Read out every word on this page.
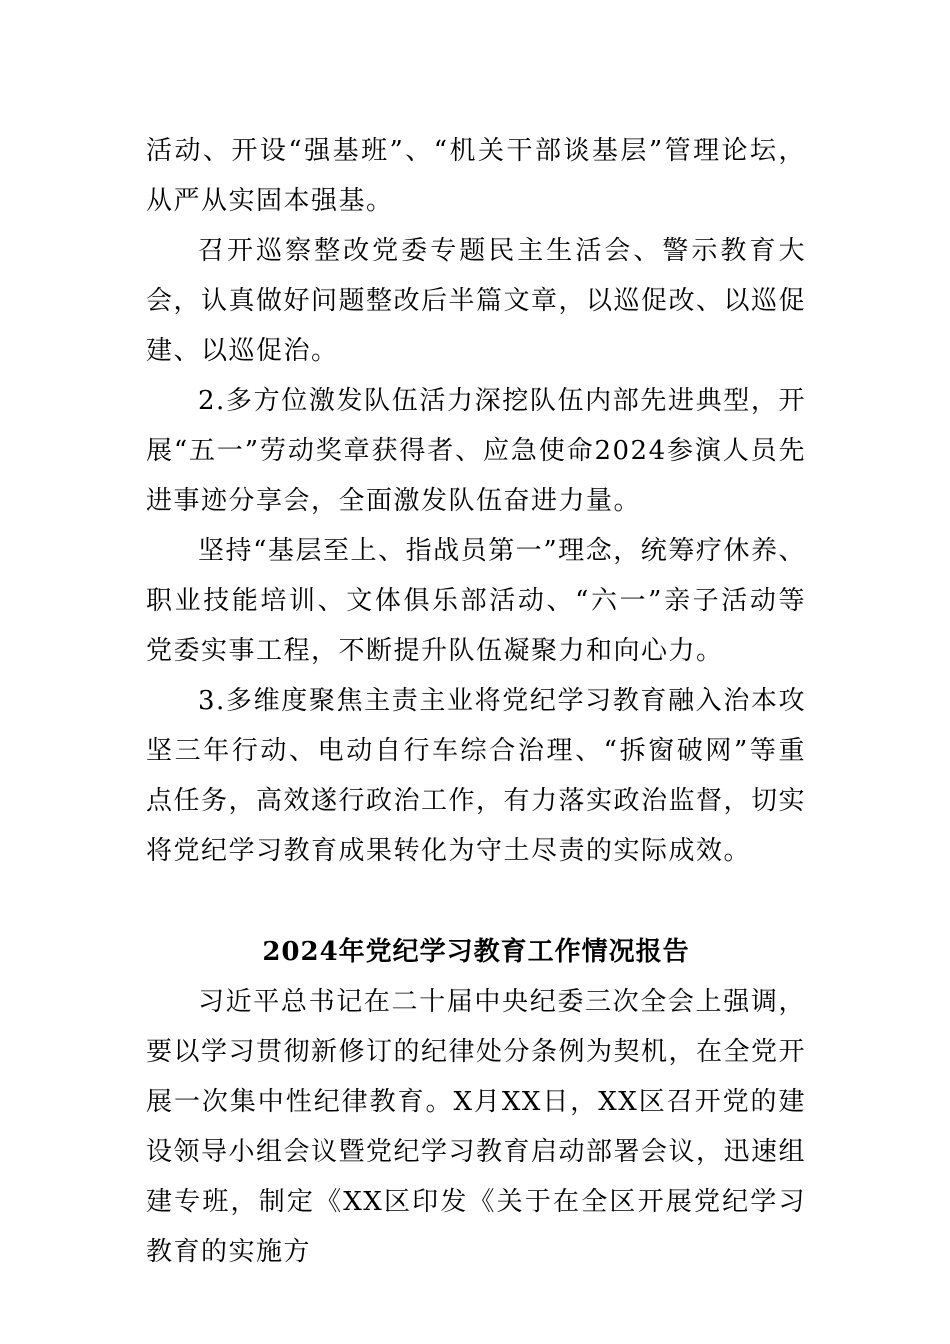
活动、开设“强基班”、“机关干部谈基层”管理论坛，从严从实固本强基。

召开巡察整改党委专题民主生活会、警示教育大会，认真做好问题整改后半篇文章，以巡促改、以巡促建、以巡促治。

2.多方位激发队伍活力深挖队伍内部先进典型，开展“五一”劳动奖章获得者、应急使命2024参演人员先进事迹分享会，全面激发队伍奋进力量。

坚持“基层至上、指战员第一”理念，统筹疗休养、职业技能培训、文体俱乐部活动、“六一”亲子活动等党委实事工程，不断提升队伍凝聚力和向心力。

3.多维度聚焦主责主业将党纪学习教育融入治本攻坚三年行动、电动自行车综合治理、“拆窗破网”等重点任务，高效遂行政治工作，有力落实政治监督，切实将党纪学习教育成果转化为守土尽责的实际成效。

2024年党纪学习教育工作情况报告

习近平总书记在二十届中央纪委三次全会上强调，要以学习贯彻新修订的纪律处分条例为契机，在全党开展一次集中性纪律教育。X月XX日，XX区召开党的建设领导小组会议暨党纪学习教育启动部署会议，迅速组建专班，制定《XX区印发《关于在全区开展党纪学习教育的实施方
